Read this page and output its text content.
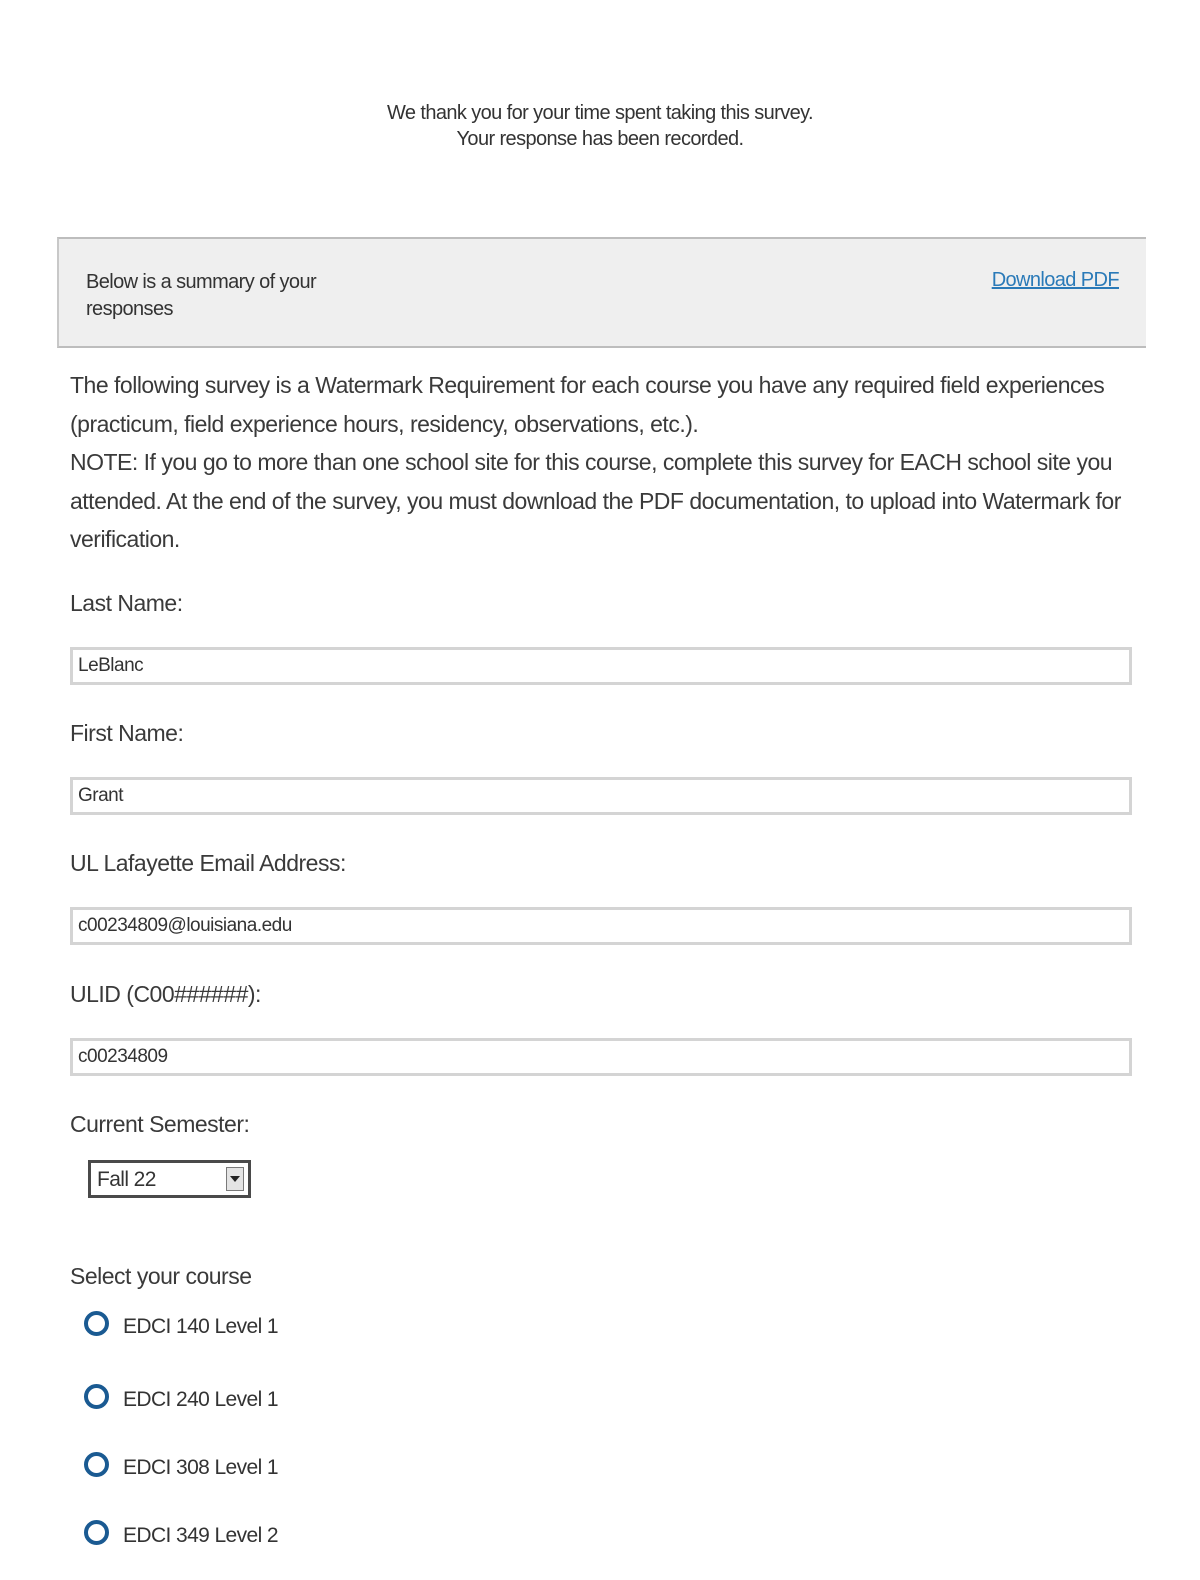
We thank you for your time spent taking this survey.
Your response has been recorded.
Below is a summary of your responses
Download PDF

The following survey is a Watermark Requirement for each course you have any required field experiences (practicum, field experience hours, residency, observations, etc.).

NOTE: If you go to more than one school site for this course, complete this survey for EACH school site you attended. At the end of the survey, you must download the PDF documentation, to upload into Watermark for verification.

Last Name:
LeBlanc
First Name:
Grant
UL Lafayette Email Address:
c00234809@louisiana.edu
ULID (C00######):
c00234809
Current Semester:
Fall 22
Select your course
EDCI 140 Level 1
EDCI 240 Level 1
EDCI 308 Level 1
EDCI 349 Level 2
